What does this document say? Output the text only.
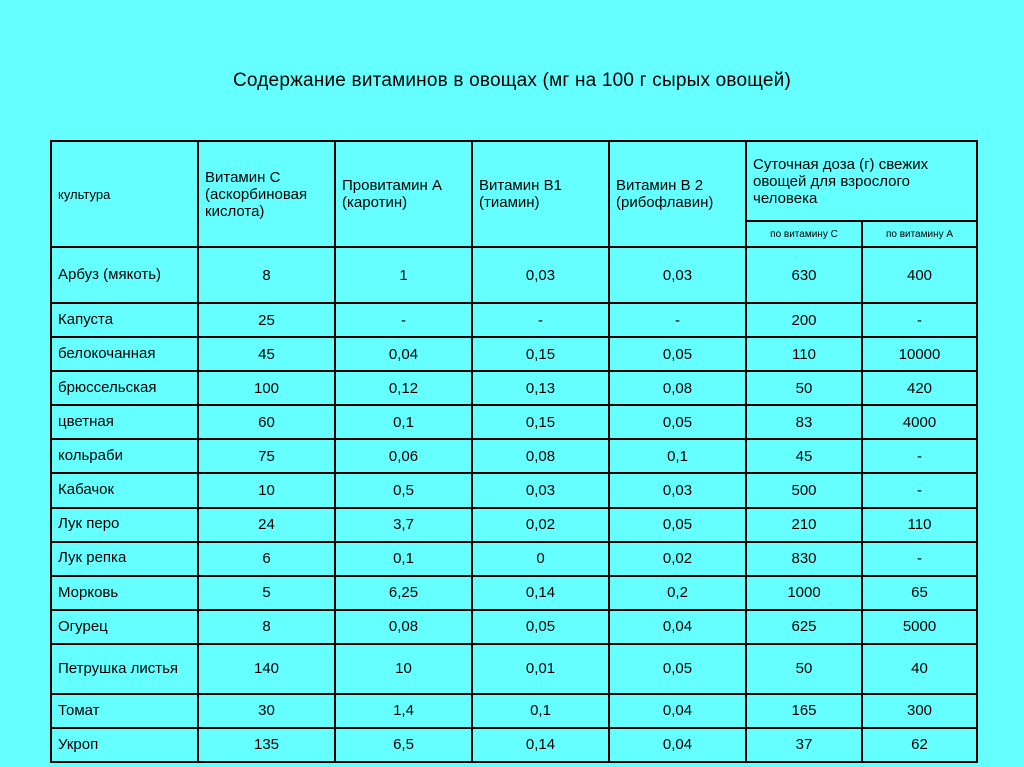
Содержание витаминов в овощах (мг на 100 г сырых овощей)
культура	Витамин С (аскорбиновая кислота)	Провитамин А (каротин)	Витамин В1 (тиамин)	Витамин В 2 (рибофлавин)	Суточная доза (г) свежих овощей для взрослого человека	
					по витамину С	по витамину А
Арбуз (мякоть)	8	1	0,03	0,03	630	400
Капуста	25	-	-	-	200	-
белокочанная	45	0,04	0,15	0,05	110	10000
брюссельская	100	0,12	0,13	0,08	50	420
цветная	60	0,1	0,15	0,05	83	4000
кольраби	75	0,06	0,08	0,1	45	-
Кабачок	10	0,5	0,03	0,03	500	-
Лук перо	24	3,7	0,02	0,05	210	110
Лук репка	6	0,1	0	0,02	830	-
Морковь	5	6,25	0,14	0,2	1000	65
Огурец	8	0,08	0,05	0,04	625	5000
Петрушка листья	140	10	0,01	0,05	50	40
Томат	30	1,4	0,1	0,04	165	300
Укроп	135	6,5	0,14	0,04	37	62
